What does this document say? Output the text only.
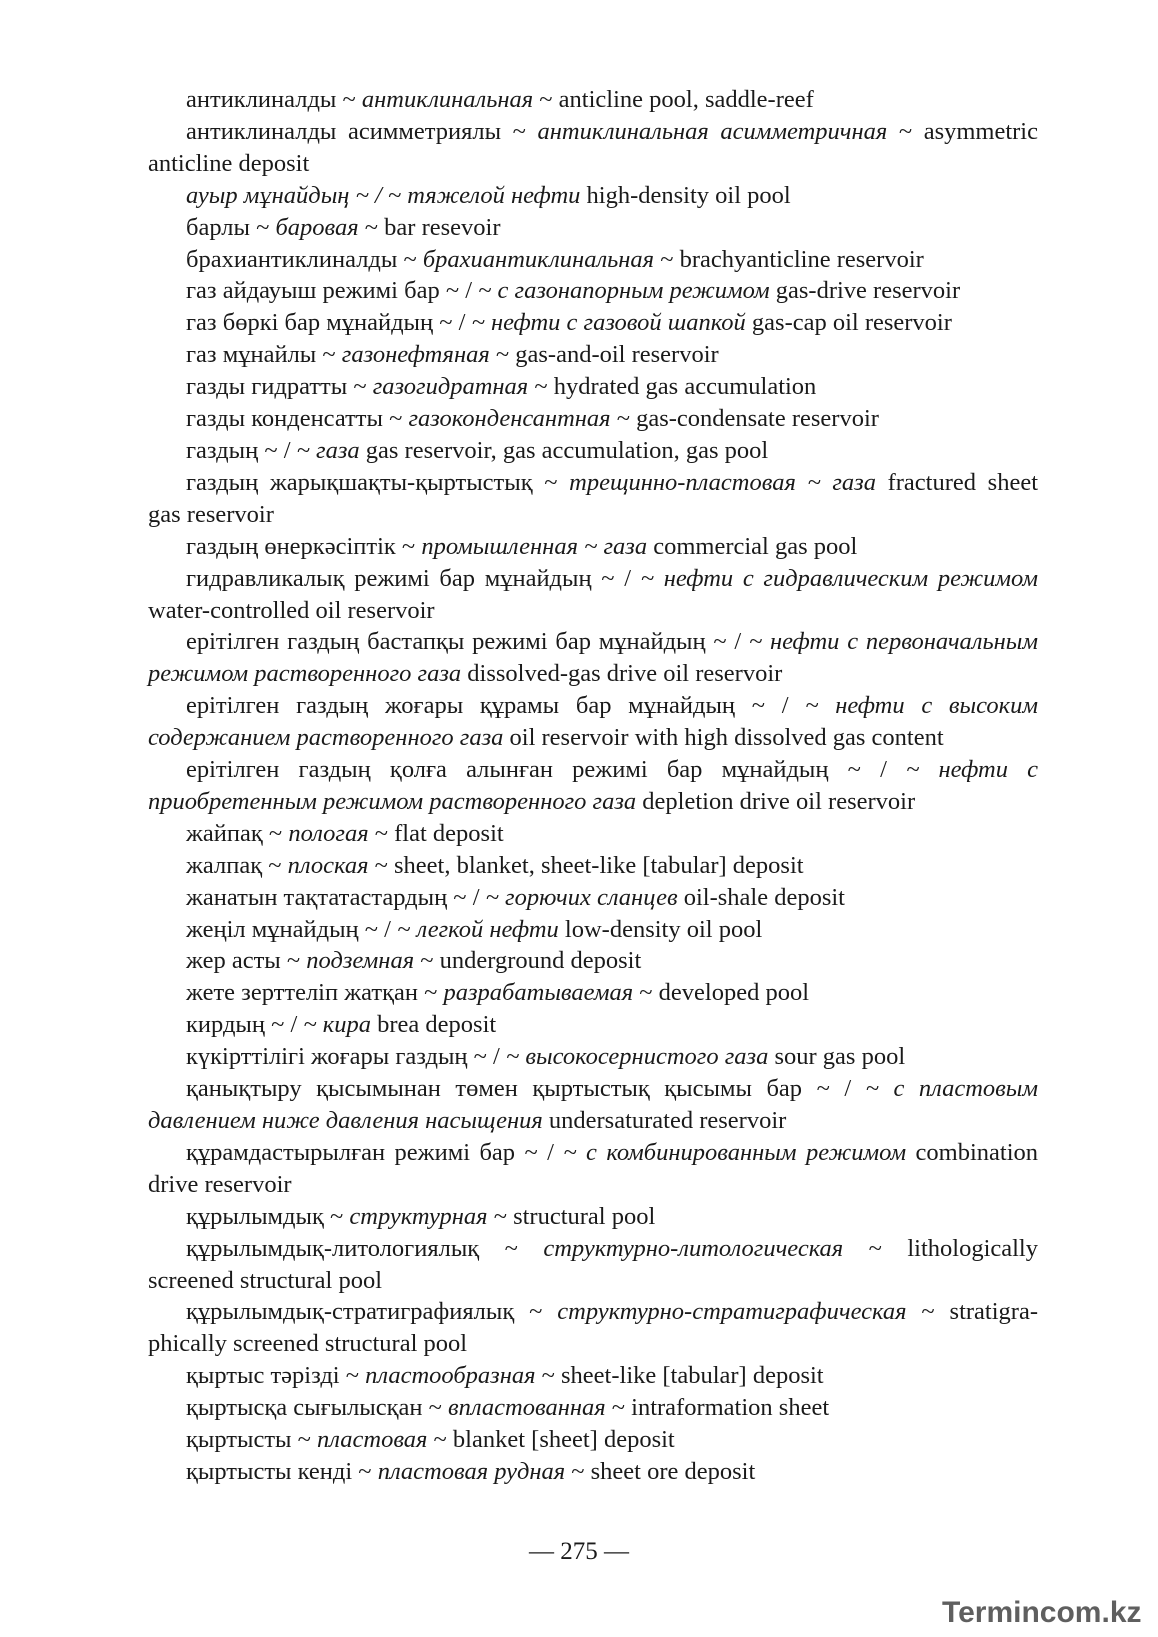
антиклиналды ~ антиклинальная ~ anticline pool, saddle-reef

антиклиналды асимметриялы ~ антиклинальная асимметричная ~ asymmetric anticline deposit

ауыр мұнайдың ~ / ~ тяжелой нефти high-density oil pool

барлы ~ баровая ~ bar resevoir

брахиантиклиналды ~ брахиантиклинальная ~ brachyanticline reservoir

газ айдауыш режимі бар ~ / ~ с газонапорным режимом gas-drive reservoir

газ бөркі бар мұнайдың ~ / ~ нефти с газовой шапкой gas-cap oil reservoir

газ мұнайлы ~ газонефтяная ~ gas-and-oil reservoir

газды гидратты ~ газогидратная ~ hydrated gas accumulation

газды конденсатты ~ газоконденсантная ~ gas-condensate reservoir

газдың ~ / ~ газа gas reservoir, gas accumulation, gas pool

газдың жарықшақты-қыртыстық ~ трещинно-пластовая ~ газа fractured sheet gas reservoir

газдың өнеркәсіптік ~ промышленная ~ газа commercial gas pool

гидравликалық режимі бар мұнайдың ~ / ~ нефти с гидравлическим режимом water-controlled oil reservoir

ерітілген газдың бастапқы режимі бар мұнайдың ~ / ~ нефти с первоначальным режимом растворенного газа dissolved-gas drive oil reservoir

ерітілген газдың жоғары құрамы бар мұнайдың ~ / ~ нефти с высоким содержанием растворенного газа oil reservoir with high dissolved gas content

ерітілген газдың қолға алынған режимі бар мұнайдың ~ / ~ нефти с приобретенным режимом растворенного газа depletion drive oil reservoir

жайпақ ~ пологая ~ flat deposit

жалпақ ~ плоская ~ sheet, blanket, sheet-like [tabular] deposit

жанатын тақтатастардың ~ / ~ горючих сланцев oil-shale deposit

жеңіл мұнайдың ~ / ~ легкой нефти low-density oil pool

жер асты ~ подземная ~ underground deposit

жете зерттеліп жатқан ~ разрабатываемая ~ developed pool

кирдың ~ / ~ кира brea deposit

күкірттілігі жоғары газдың ~ / ~ высокосернистого газа sour gas pool

қанықтыру қысымынан төмен қыртыстық қысымы бар ~ / ~ с пластовым давлением ниже давления насыщения undersaturated reservoir

құрамдастырылған режимі бар ~ / ~ с комбинированным режимом combination drive reservoir

құрылымдық ~ структурная ~ structural pool

құрылымдық-литологиялық ~ структурно-литологическая ~ lithologically screened structural pool

құрылымдық-стратиграфиялық ~ структурно-стратиграфическая ~ stratigra-phically screened structural pool

қыртыс тәрізді ~ пластообразная ~ sheet-like [tabular] deposit

қыртысқа сығылысқан ~ впластованная ~ intraformation sheet

қыртысты ~ пластовая ~ blanket [sheet] deposit

қыртысты кенді ~ пластовая рудная ~ sheet ore deposit

— 275 —
Termincom.kz
